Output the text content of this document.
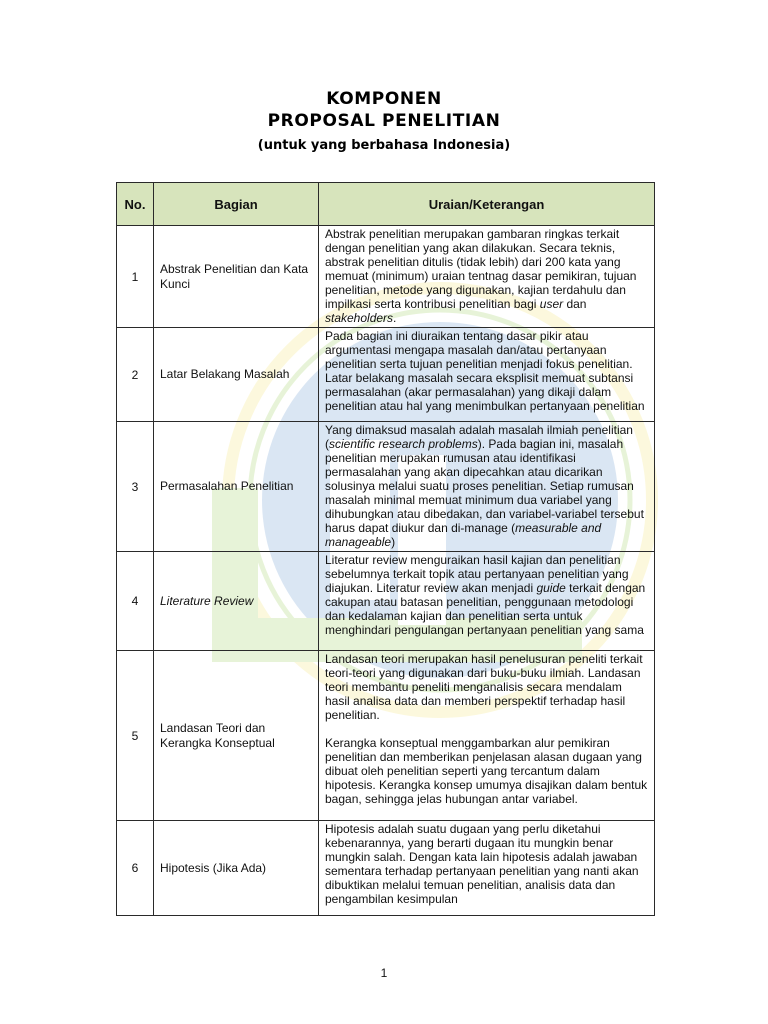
KOMPONEN
PROPOSAL PENELITIAN
(untuk yang berbahasa Indonesia)
No.	Bagian	Uraian/Keterangan
1	Abstrak Penelitian dan Kata Kunci	Abstrak penelitian merupakan gambaran ringkas terkait dengan penelitian yang akan dilakukan. Secara teknis, abstrak penelitian ditulis (tidak lebih) dari 200 kata yang memuat (minimum) uraian tentnag dasar pemikiran, tujuan penelitian, metode yang digunakan, kajian terdahulu dan impilkasi serta kontribusi penelitian bagi user dan stakeholders.

2	Latar Belakang Masalah	Pada bagian ini diuraikan tentang dasar pikir atau argumentasi mengapa masalah dan/atau pertanyaan penelitian serta tujuan penelitian menjadi fokus penelitian. Latar belakang masalah secara eksplisit memuat subtansi permasalahan (akar permasalahan) yang dikaji dalam penelitian atau hal yang menimbulkan pertanyaan penelitian

3	Permasalahan Penelitian	Yang dimaksud masalah adalah masalah ilmiah penelitian (scientific research problems). Pada bagian ini, masalah penelitian merupakan rumusan atau identifikasi permasalahan yang akan dipecahkan atau dicarikan solusinya melalui suatu proses penelitian. Setiap rumusan masalah minimal memuat minimum dua variabel yang dihubungkan atau dibedakan, dan variabel-variabel tersebut harus dapat diukur dan di-manage (measurable and manageable)

4	Literature Review	Literatur review menguraikan hasil kajian dan penelitian sebelumnya terkait topik atau pertanyaan penelitian yang diajukan. Literatur review akan menjadi guide terkait dengan cakupan atau batasan penelitian, penggunaan metodologi dan kedalaman kajian dan penelitian serta untuk menghindari pengulangan pertanyaan penelitian yang sama

5	Landasan Teori dan Kerangka Konseptual	Landasan teori merupakan hasil penelusuran peneliti terkait teori-teori yang digunakan dari buku-buku ilmiah. Landasan teori membantu peneliti menganalisis secara mendalam hasil analisa data dan memberi perspektif terhadap hasil penelitian.

Kerangka konseptual menggambarkan alur pemikiran penelitian dan memberikan penjelasan alasan dugaan yang dibuat oleh penelitian seperti yang tercantum dalam hipotesis. Kerangka konsep umumya disajikan dalam bentuk bagan, sehingga jelas hubungan antar variabel.

6	Hipotesis (Jika Ada)	Hipotesis adalah suatu dugaan yang perlu diketahui kebenarannya, yang berarti dugaan itu mungkin benar mungkin salah. Dengan kata lain hipotesis adalah jawaban sementara terhadap pertanyaan penelitian yang nanti akan dibuktikan melalui temuan penelitian, analisis data dan pengambilan kesimpulan

1
